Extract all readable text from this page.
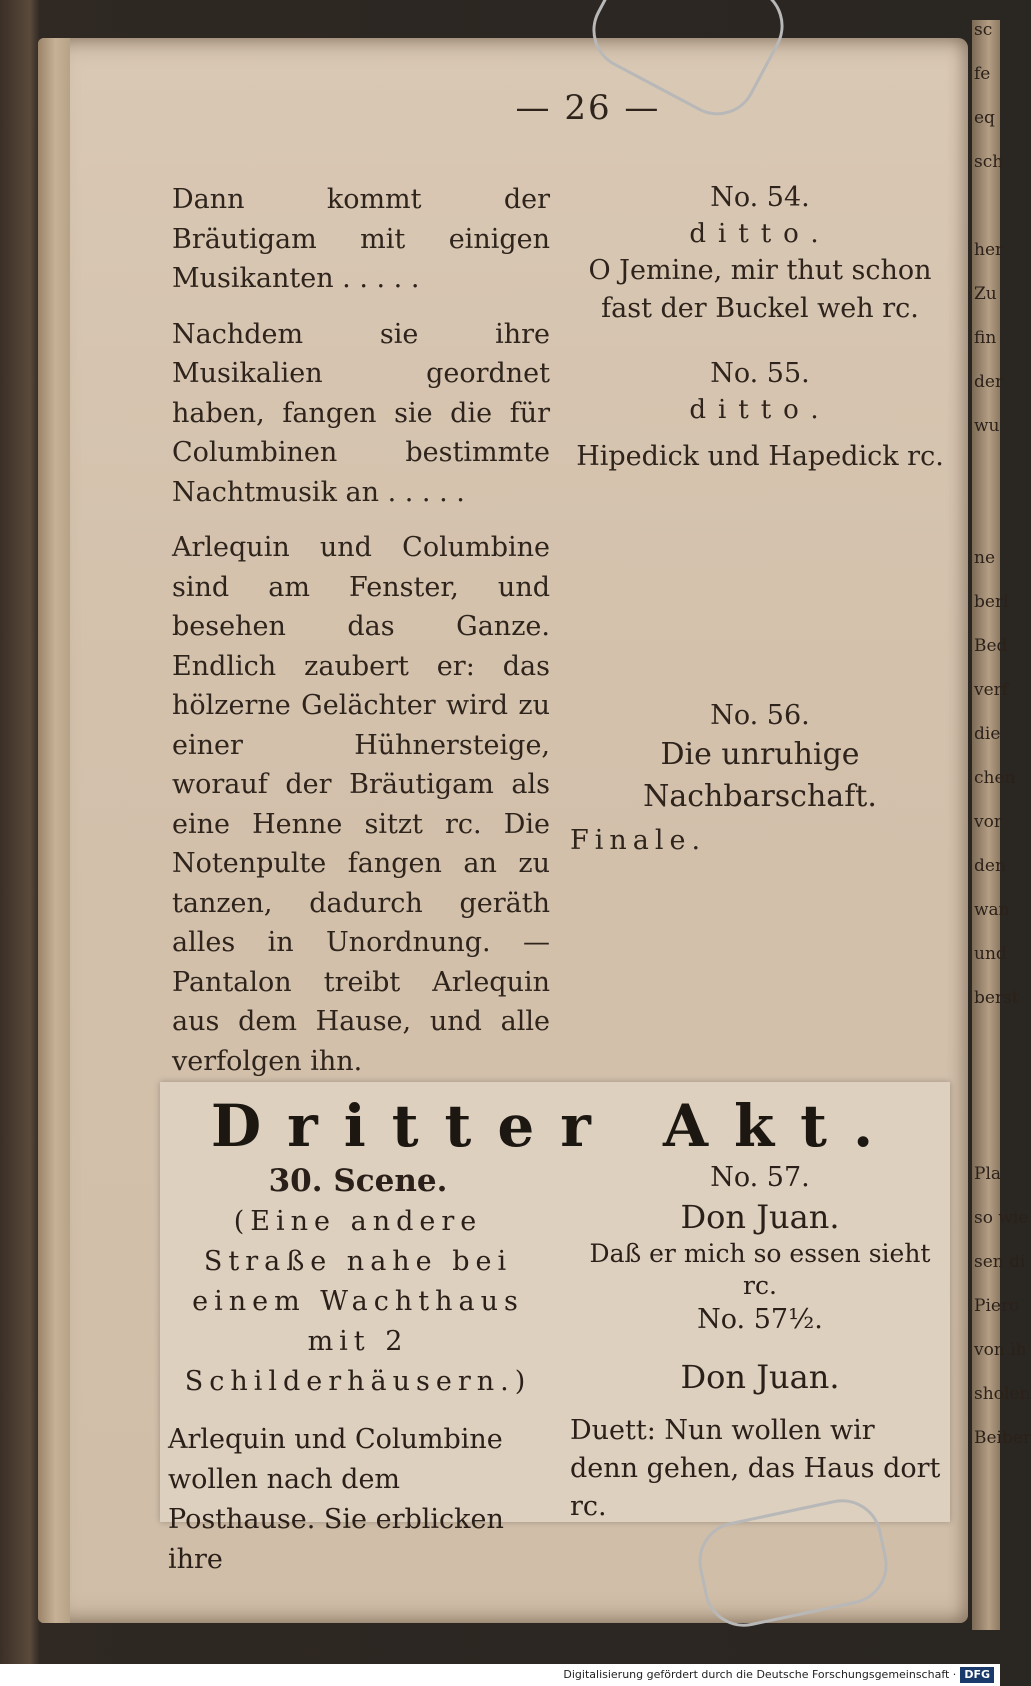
sc
fe
eq
sch

her
Zu
fin
der
wu

ne
berl
Bed
verf
die
chen
vor
den
wan
und
berst

Pla
so wie
sen di
Piero
von ih
sholen
Beiber
— 26 —

Dann kommt der Bräutigam mit einigen Musikanten . . . . .

Nachdem sie ihre Musikalien geordnet haben, fangen sie die für Columbinen bestimmte Nachtmusik an . . . . .

Arlequin und Columbine sind am Fenster, und besehen das Ganze. Endlich zaubert er: das hölzerne Gelächter wird zu einer Hühnersteige, worauf der Bräutigam als eine Henne sitzt rc. Die Notenpulte fangen an zu tanzen, dadurch geräth alles in Unordnung. — Pantalon treibt Arlequin aus dem Hause, und alle verfolgen ihn.

No. 54.
ditto.
O Jemine, mir thut schon fast der Buckel weh rc.
No. 55.
ditto.
Hipedick und Hapedick rc.
No. 56.
Die unruhige Nachbarschaft.
Finale.
Dritter Akt.
30. Scene.
(Eine andere Straße nahe bei einem Wachthaus mit 2 Schilderhäusern.)
Arlequin und Columbine wollen nach dem Posthause. Sie erblicken ihre
No. 57.
Don Juan.
Daß er mich so essen sieht rc.
No. 57½.
Don Juan.
Duett: Nun wollen wir denn gehen, das Haus dort rc.
Digitalisierung gefördert durch die Deutsche Forschungsgemeinschaft · DFG
